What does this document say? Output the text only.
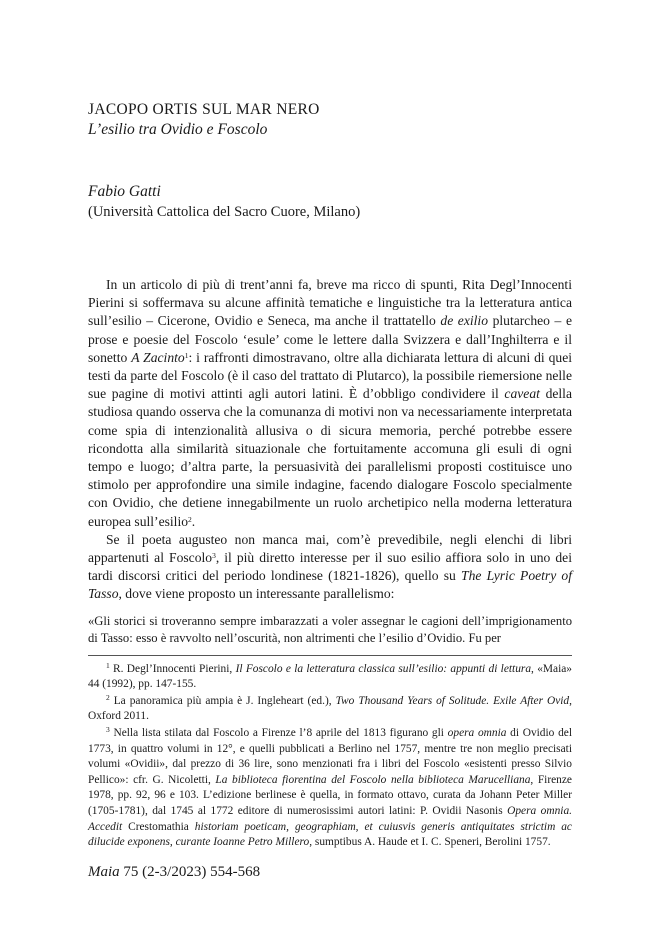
JACOPO ORTIS SUL MAR NERO
L’esilio tra Ovidio e Foscolo
Fabio Gatti
(Università Cattolica del Sacro Cuore, Milano)

In un articolo di più di trent’anni fa, breve ma ricco di spunti, Rita Degl’Innocenti Pierini si soffermava su alcune affinità tematiche e linguistiche tra la letteratura antica sull’esilio – Cicerone, Ovidio e Seneca, ma anche il trattatello de exilio plutarcheo – e prose e poesie del Foscolo ‘esule’ come le lettere dalla Svizzera e dall’Inghilterra e il sonetto A Zacinto$^1$: i raffronti dimostravano, oltre alla dichiarata lettura di alcuni di quei testi da parte del Foscolo (è il caso del trattato di Plutarco), la possibile riemersione nelle sue pagine di motivi attinti agli autori latini. È d’obbligo condividere il caveat della studiosa quando osserva che la comunanza di motivi non va necessariamente interpretata come spia di intenzionalità allusiva o di sicura memoria, perché potrebbe essere ricondotta alla similarità situazionale che fortuitamente accomuna gli esuli di ogni tempo e luogo; d’altra parte, la persuasività dei parallelismi proposti costituisce uno stimolo per approfondire una simile indagine, facendo dialogare Foscolo specialmente con Ovidio, che detiene innegabilmente un ruolo archetipico nella moderna letteratura europea sull’esilio$^2$.

Se il poeta augusteo non manca mai, com’è prevedibile, negli elenchi di libri appartenuti al Foscolo$^3$, il più diretto interesse per il suo esilio affiora solo in uno dei tardi discorsi critici del periodo londinese (1821-1826), quello su The Lyric Poetry of Tasso, dove viene proposto un interessante parallelismo:

«Gli storici si troveranno sempre imbarazzati a voler assegnar le cagioni dell’imprigionamento di Tasso: esso è ravvolto nell’oscurità, non altrimenti che l’esilio d’Ovidio. Fu per

$^1$ R. Degl’Innocenti Pierini, Il Foscolo e la letteratura classica sull’esilio: appunti di lettura, «Maia» 44 (1992), pp. 147-155.

$^2$ La panoramica più ampia è J. Ingleheart (ed.), Two Thousand Years of Solitude. Exile After Ovid, Oxford 2011.

$^3$ Nella lista stilata dal Foscolo a Firenze l’8 aprile del 1813 figurano gli opera omnia di Ovidio del 1773, in quattro volumi in 12°, e quelli pubblicati a Berlino nel 1757, mentre tre non meglio precisati volumi «Ovidii», dal prezzo di 36 lire, sono menzionati fra i libri del Foscolo «esistenti presso Silvio Pellico»: cfr. G. Nicoletti, La biblioteca fiorentina del Foscolo nella biblioteca Marucelliana, Firenze 1978, pp. 92, 96 e 103. L’edizione berlinese è quella, in formato ottavo, curata da Johann Peter Miller (1705-1781), dal 1745 al 1772 editore di numerosissimi autori latini: P. Ovidii Nasonis Opera omnia. Accedit Crestomathia historiam poeticam, geographiam, et cuiusvis generis antiquitates strictim ac dilucide exponens, curante Ioanne Petro Millero, sumptibus A. Haude et I. C. Speneri, Berolini 1757.

Maia 75 (2-3/2023) 554-568
